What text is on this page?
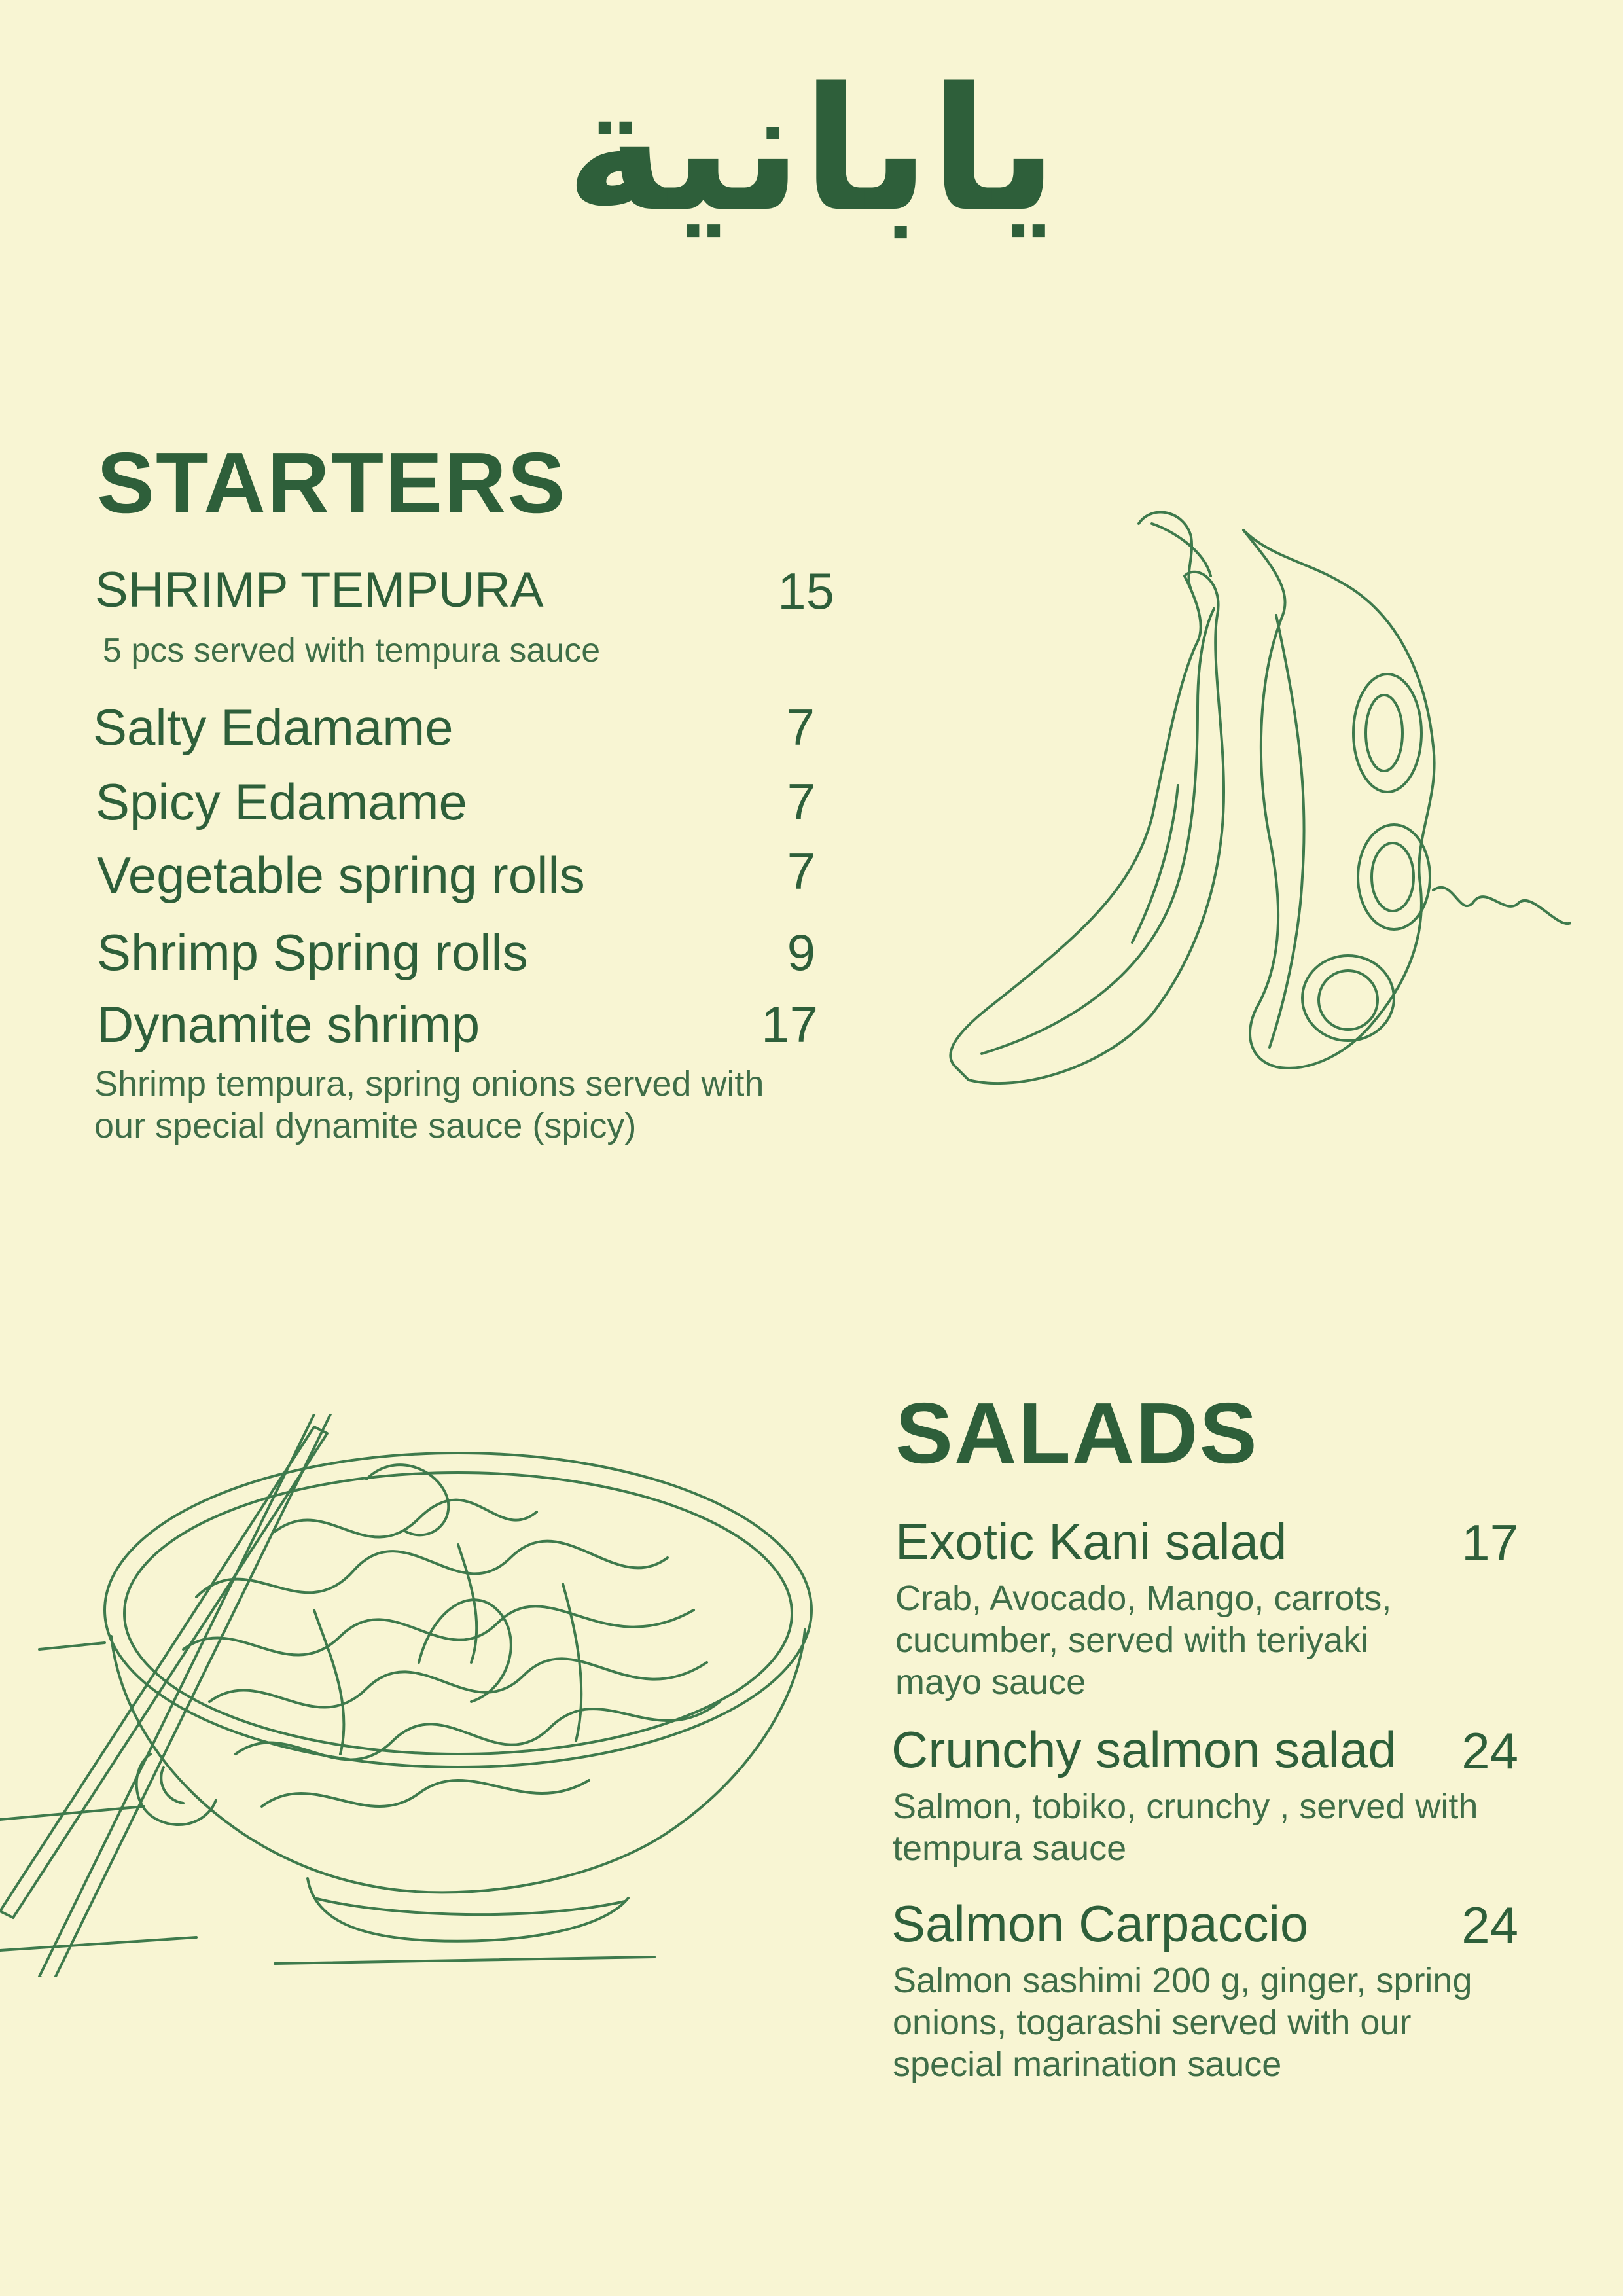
يابانية
STARTERS
SHRIMP TEMPURA	15
5 pcs served with tempura sauce
Salty Edamame	7
Spicy Edamame	7
Vegetable spring rolls	7
Shrimp Spring rolls	9
Dynamite shrimp	17
Shrimp tempura, spring onions served with our special dynamite sauce (spicy)
SALADS
Exotic Kani salad	17
Crab, Avocado, Mango, carrots, cucumber, served with teriyaki mayo sauce
Crunchy salmon salad 24
Salmon, tobiko, crunchy , served with tempura sauce
Salmon Carpaccio	24
Salmon sashimi 200 g, ginger, spring onions, togarashi served with our special marination sauce
